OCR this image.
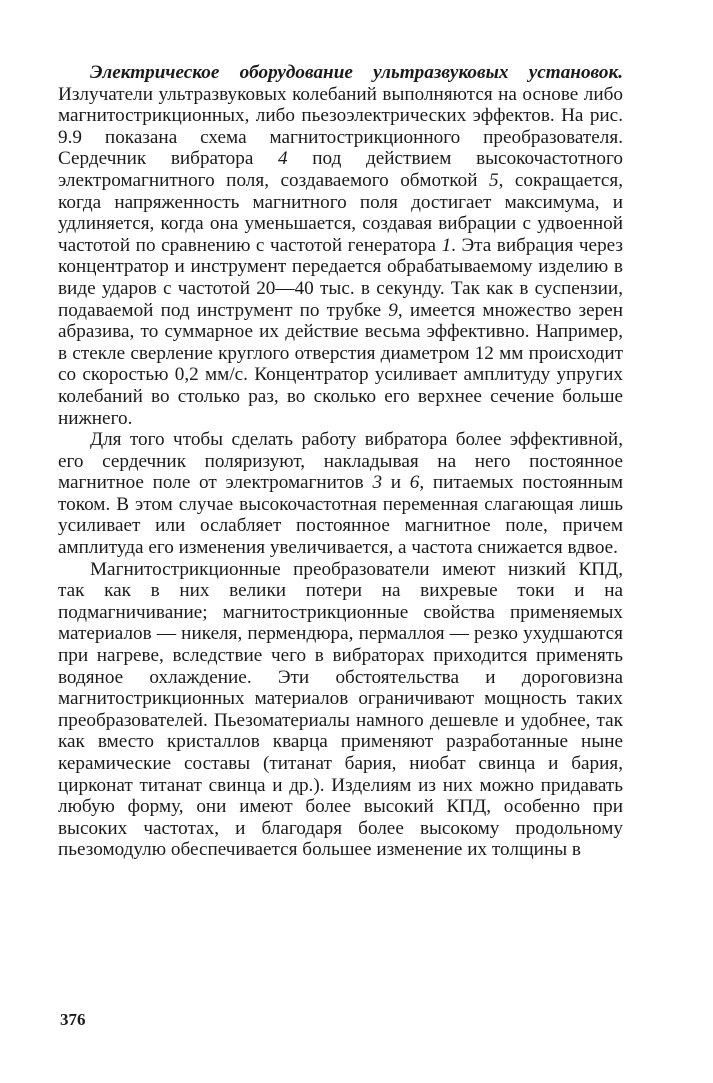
Электрическое оборудование ультразвуковых установок. Излучатели ультразвуковых колебаний выполняются на основе либо магнитострикционных, либо пьезоэлектрических эффектов. На рис. 9.9 показана схема магнитострикционного преобразователя. Сердечник вибратора 4 под действием высокочастотного электромагнитного поля, создаваемого обмоткой 5, сокращается, когда напряженность магнитного поля достигает максимума, и удлиняется, когда она уменьшается, создавая вибрации с удвоенной частотой по сравнению с частотой генератора 1. Эта вибрация через концентратор и инструмент передается обрабатываемому изделию в виде ударов с частотой 20—40 тыс. в секунду. Так как в суспензии, подаваемой под инструмент по трубке 9, имеется множество зерен абразива, то суммарное их действие весьма эффективно. Например, в стекле сверление круглого отверстия диаметром 12 мм происходит со скоростью 0,2 мм/с. Концентратор усиливает амплитуду упругих колебаний во столько раз, во сколько его верхнее сечение больше нижнего.

Для того чтобы сделать работу вибратора более эффективной, его сердечник поляризуют, накладывая на него постоянное магнитное поле от электромагнитов 3 и 6, питаемых постоянным током. В этом случае высокочастотная переменная слагающая лишь усиливает или ослабляет постоянное магнитное поле, причем амплитуда его изменения увеличивается, а частота снижается вдвое.

Магнитострикционные преобразователи имеют низкий КПД, так как в них велики потери на вихревые токи и на подмагничивание; магнитострикционные свойства применяемых материалов — никеля, пермендюра, пермаллоя — резко ухудшаются при нагреве, вследствие чего в вибраторах приходится применять водяное охлаждение. Эти обстоятельства и дороговизна магнитострикционных материалов ограничивают мощность таких преобразователей. Пьезоматериалы намного дешевле и удобнее, так как вместо кристаллов кварца применяют разработанные ныне керамические составы (титанат бария, ниобат свинца и бария, цирконат титанат свинца и др.). Изделиям из них можно придавать любую форму, они имеют более высокий КПД, особенно при высоких частотах, и благодаря более высокому продольному пьезомодулю обеспечивается большее изменение их толщины в

376
